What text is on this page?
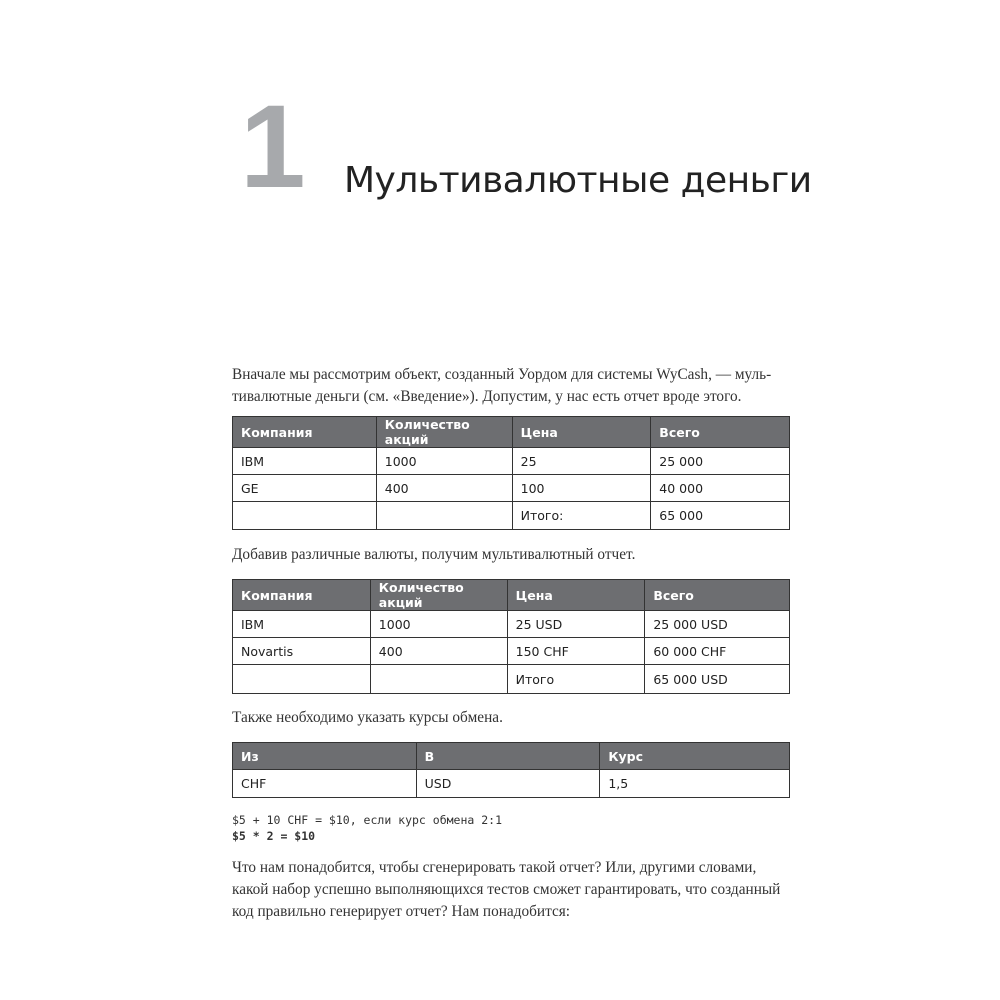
1 Мультивалютные деньги
Вначале мы рассмотрим объект, созданный Уордом для системы WyCash, — муль-
тивалютные деньги (см. «Введение»). Допустим, у нас есть отчет вроде этого.
Компания	Количество акций	Цена	Всего
IBM	1000	25	25 000
GE	400	100	40 000
		Итого:	65 000
Добавив различные валюты, получим мультивалютный отчет.
Компания	Количество акций	Цена	Всего
IBM	1000	25 USD	25 000 USD
Novartis	400	150 CHF	60 000 CHF
		Итого	65 000 USD
Также необходимо указать курсы обмена.
Из	В	Курс
CHF	USD	1,5
$5 + 10 CHF = $10, если курс обмена 2:1
$5 * 2 = $10
Что нам понадобится, чтобы сгенерировать такой отчет? Или, другими словами,
какой набор успешно выполняющихся тестов сможет гарантировать, что созданный
код правильно генерирует отчет? Нам понадобится:
